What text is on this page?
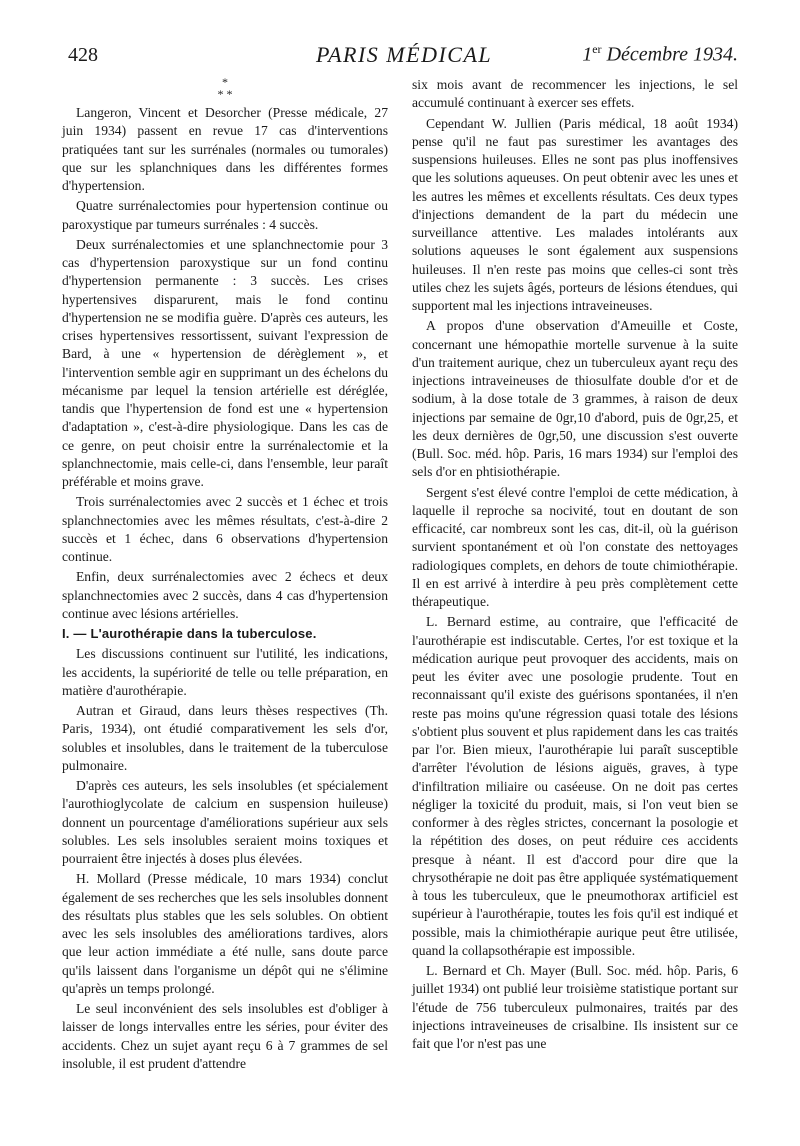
428	PARIS MÉDICAL	1er Décembre 1934.
*
* *

Langeron, Vincent et Desorcher (Presse médicale, 27 juin 1934) passent en revue 17 cas d'interventions pratiquées tant sur les surrénales (normales ou tumorales) que sur les splanchniques dans les différentes formes d'hypertension.

Quatre surrénalectomies pour hypertension continue ou paroxystique par tumeurs surrénales : 4 succès.

Deux surrénalectomies et une splanchnectomie pour 3 cas d'hypertension paroxystique sur un fond continu d'hypertension permanente : 3 succès. Les crises hypertensives disparurent, mais le fond continu d'hypertension ne se modifia guère. D'après ces auteurs, les crises hypertensives ressortissent, suivant l'expression de Bard, à une « hypertension de dérèglement », et l'intervention semble agir en supprimant un des échelons du mécanisme par lequel la tension artérielle est déréglée, tandis que l'hypertension de fond est une « hypertension d'adaptation », c'est-à-dire physiologique. Dans les cas de ce genre, on peut choisir entre la surrénalectomie et la splanchnectomie, mais celle-ci, dans l'ensemble, leur paraît préférable et moins grave.

Trois surrénalectomies avec 2 succès et 1 échec et trois splanchnectomies avec les mêmes résultats, c'est-à-dire 2 succès et 1 échec, dans 6 observations d'hypertension continue.

Enfin, deux surrénalectomies avec 2 échecs et deux splanchnectomies avec 2 succès, dans 4 cas d'hypertension continue avec lésions artérielles.

I. — L'aurothérapie dans la tuberculose.

Les discussions continuent sur l'utilité, les indications, les accidents, la supériorité de telle ou telle préparation, en matière d'aurothérapie.

Autran et Giraud, dans leurs thèses respectives (Th. Paris, 1934), ont étudié comparativement les sels d'or, solubles et insolubles, dans le traitement de la tuberculose pulmonaire.

D'après ces auteurs, les sels insolubles (et spécialement l'aurothioglycolate de calcium en suspension huileuse) donnent un pourcentage d'améliorations supérieur aux sels solubles. Les sels insolubles seraient moins toxiques et pourraient être injectés à doses plus élevées.

H. Mollard (Presse médicale, 10 mars 1934) conclut également de ses recherches que les sels insolubles donnent des résultats plus stables que les sels solubles. On obtient avec les sels insolubles des améliorations tardives, alors que leur action immédiate a été nulle, sans doute parce qu'ils laissent dans l'organisme un dépôt qui ne s'élimine qu'après un temps prolongé.

Le seul inconvénient des sels insolubles est d'obliger à laisser de longs intervalles entre les séries, pour éviter des accidents. Chez un sujet ayant reçu 6 à 7 grammes de sel insoluble, il est prudent d'attendre

six mois avant de recommencer les injections, le sel accumulé continuant à exercer ses effets.

Cependant W. Jullien (Paris médical, 18 août 1934) pense qu'il ne faut pas surestimer les avantages des suspensions huileuses. Elles ne sont pas plus inoffensives que les solutions aqueuses. On peut obtenir avec les unes et les autres les mêmes et excellents résultats. Ces deux types d'injections demandent de la part du médecin une surveillance attentive. Les malades intolérants aux solutions aqueuses le sont également aux suspensions huileuses. Il n'en reste pas moins que celles-ci sont très utiles chez les sujets âgés, porteurs de lésions étendues, qui supportent mal les injections intraveineuses.

A propos d'une observation d'Ameuille et Coste, concernant une hémopathie mortelle survenue à la suite d'un traitement aurique, chez un tuberculeux ayant reçu des injections intraveineuses de thiosulfate double d'or et de sodium, à la dose totale de 3 grammes, à raison de deux injections par semaine de 0gr,10 d'abord, puis de 0gr,25, et les deux dernières de 0gr,50, une discussion s'est ouverte (Bull. Soc. méd. hôp. Paris, 16 mars 1934) sur l'emploi des sels d'or en phtisiothérapie.

Sergent s'est élevé contre l'emploi de cette médication, à laquelle il reproche sa nocivité, tout en doutant de son efficacité, car nombreux sont les cas, dit-il, où la guérison survient spontanément et où l'on constate des nettoyages radiologiques complets, en dehors de toute chimiothérapie. Il en est arrivé à interdire à peu près complètement cette thérapeutique.

L. Bernard estime, au contraire, que l'efficacité de l'aurothérapie est indiscutable. Certes, l'or est toxique et la médication aurique peut provoquer des accidents, mais on peut les éviter avec une posologie prudente. Tout en reconnaissant qu'il existe des guérisons spontanées, il n'en reste pas moins qu'une régression quasi totale des lésions s'obtient plus souvent et plus rapidement dans les cas traités par l'or. Bien mieux, l'aurothérapie lui paraît susceptible d'arrêter l'évolution de lésions aiguës, graves, à type d'infiltration miliaire ou caséeuse. On ne doit pas certes négliger la toxicité du produit, mais, si l'on veut bien se conformer à des règles strictes, concernant la posologie et la répétition des doses, on peut réduire ces accidents presque à néant. Il est d'accord pour dire que la chrysothérapie ne doit pas être appliquée systématiquement à tous les tuberculeux, que le pneumothorax artificiel est supérieur à l'aurothérapie, toutes les fois qu'il est indiqué et possible, mais la chimiothérapie aurique peut être utilisée, quand la collapsothérapie est impossible.

L. Bernard et Ch. Mayer (Bull. Soc. méd. hôp. Paris, 6 juillet 1934) ont publié leur troisième statistique portant sur l'étude de 756 tuberculeux pulmonaires, traités par des injections intraveineuses de crisalbine. Ils insistent sur ce fait que l'or n'est pas une
